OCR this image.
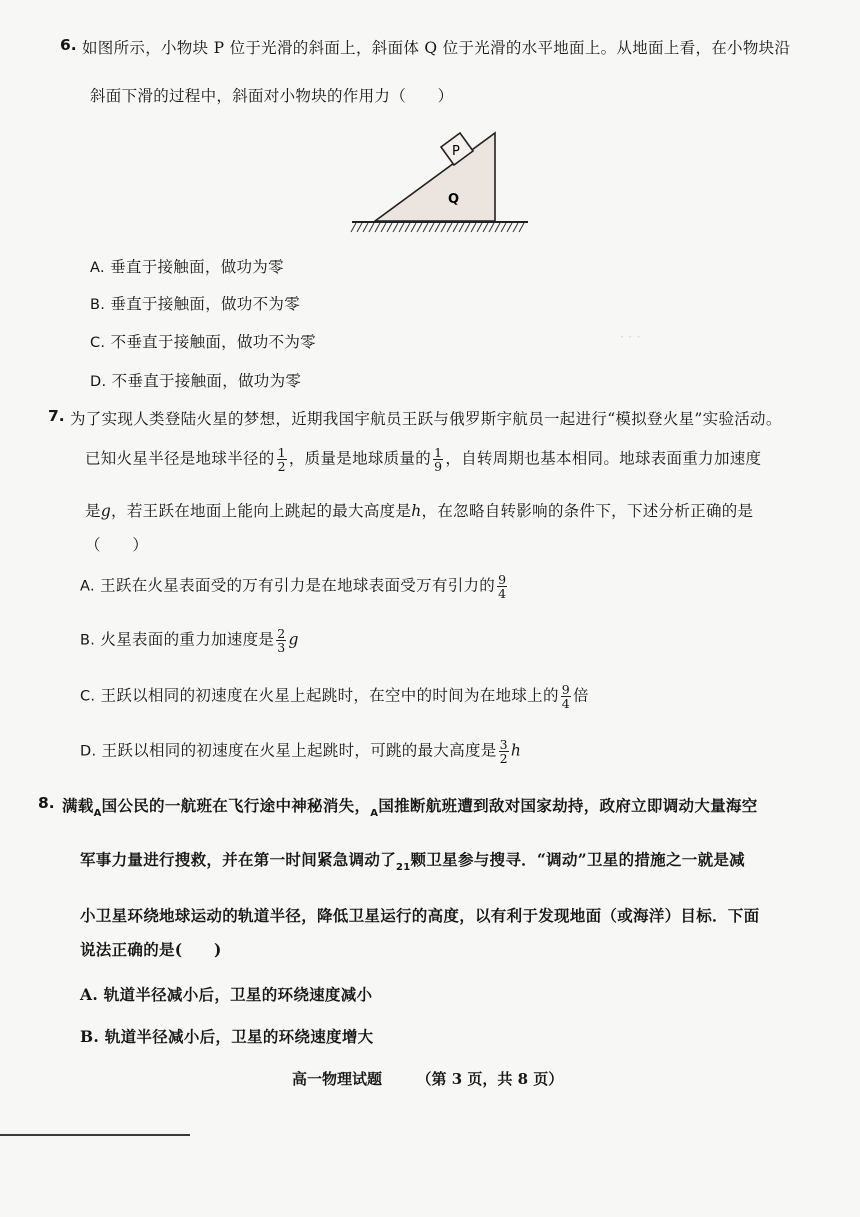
· · ·
6. 如图所示，小物块 P 位于光滑的斜面上，斜面体 Q 位于光滑的水平地面上。从地面上看，在小物块沿
斜面下滑的过程中，斜面对小物块的作用力（　　）
P
Q
A. 垂直于接触面，做功为零
B. 垂直于接触面，做功不为零
C. 不垂直于接触面，做功不为零
D. 不垂直于接触面，做功为零
7. 为了实现人类登陆火星的梦想，近期我国宇航员王跃与俄罗斯宇航员一起进行“模拟登火星”实验活动。
已知火星半径是地球半径的 $\frac{1}{2}$ ，质量是地球质量的 $\frac{1}{9}$ ，自转周期也基本相同。地球表面重力加速度
是g，若王跃在地面上能向上跳起的最大高度是h，在忽略自转影响的条件下，下述分析正确的是
（　　）
A. 王跃在火星表面受的万有引力是在地球表面受万有引力的 $\frac{9}{4}$
B. 火星表面的重力加速度是 $\frac{2}{3}$ g
C. 王跃以相同的初速度在火星上起跳时，在空中的时间为在地球上的 $\frac{9}{4}$ 倍
D. 王跃以相同的初速度在火星上起跳时，可跳的最大高度是 $\frac{3}{2}$ h
8. 满载$_A$国公民的一航班在飞行途中神秘消失，$_A$国推断航班遭到敌对国家劫持，政府立即调动大量海空
军事力量进行搜救，并在第一时间紧急调动了$_{21}$颗卫星参与搜寻．“调动”卫星的措施之一就是减
小卫星环绕地球运动的轨道半径，降低卫星运行的高度，以有利于发现地面（或海洋）目标．下面
说法正确的是(　　)
A. 轨道半径减小后，卫星的环绕速度减小
B. 轨道半径减小后，卫星的环绕速度增大
高一物理试题 （第 3 页，共 8 页）
